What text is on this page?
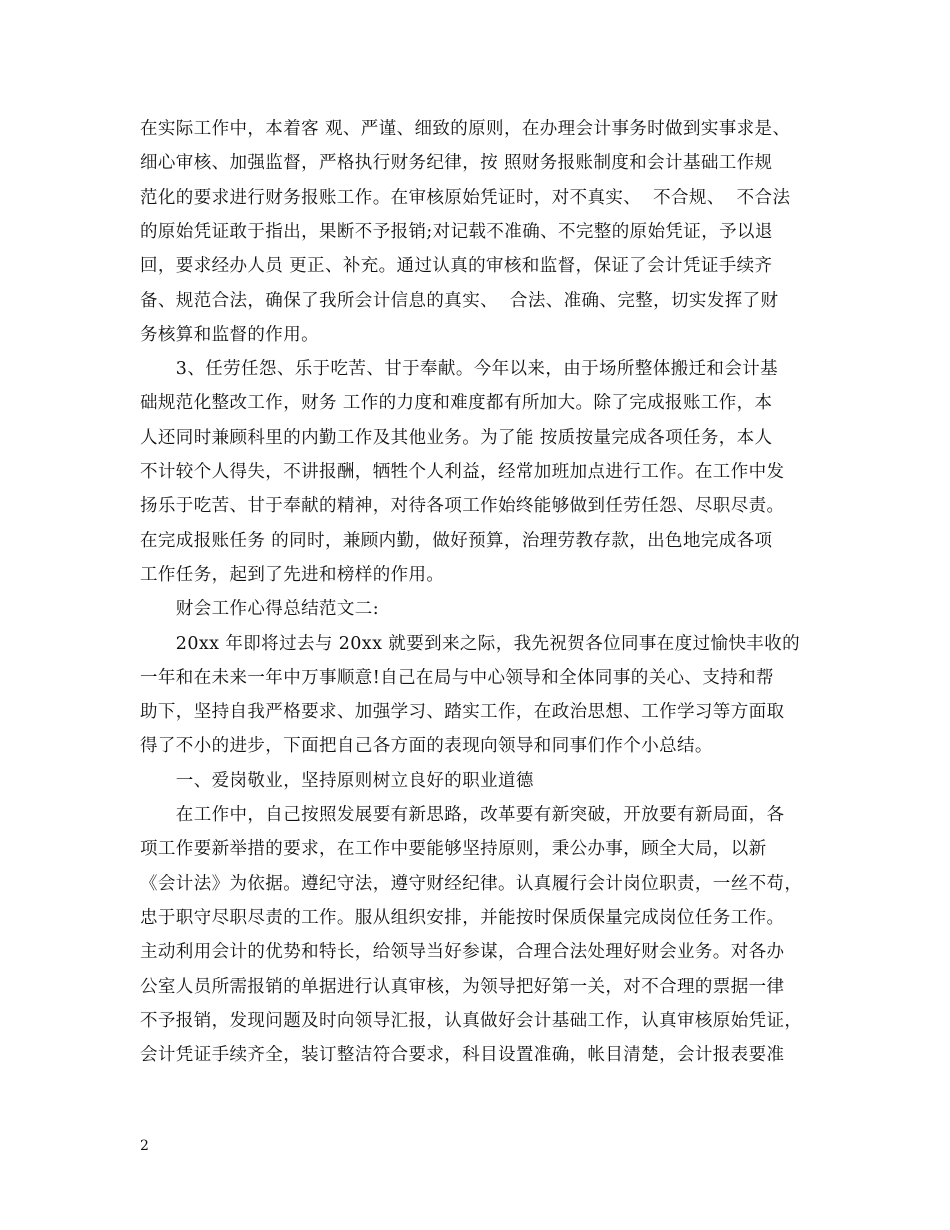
在实际工作中，本着客 观、严谨、细致的原则，在办理会计事务时做到实事求是、
细心审核、加强监督，严格执行财务纪律，按 照财务报账制度和会计基础工作规
范化的要求进行财务报账工作。在审核原始凭证时，对不真实、  不合规、  不合法
的原始凭证敢于指出，果断不予报销;对记载不准确、不完整的原始凭证，予以退
回，要求经办人员 更正、补充。通过认真的审核和监督，保证了会计凭证手续齐
备、规范合法，确保了我所会计信息的真实、  合法、准确、完整，切实发挥了财
务核算和监督的作用。
　　3、任劳任怨、乐于吃苦、甘于奉献。今年以来，由于场所整体搬迁和会计基
础规范化整改工作，财务 工作的力度和难度都有所加大。除了完成报账工作，本
人还同时兼顾科里的内勤工作及其他业务。为了能 按质按量完成各项任务，本人
不计较个人得失，不讲报酬，牺牲个人利益，经常加班加点进行工作。在工作中发
扬乐于吃苦、甘于奉献的精神，对待各项工作始终能够做到任劳任怨、尽职尽责。
在完成报账任务 的同时，兼顾内勤，做好预算，治理劳教存款，出色地完成各项
工作任务，起到了先进和榜样的作用。
　　财会工作心得总结范文二:
　　20xx 年即将过去与 20xx 就要到来之际，我先祝贺各位同事在度过愉快丰收的
一年和在未来一年中万事顺意!自己在局与中心领导和全体同事的关心、支持和帮
助下，坚持自我严格要求、加强学习、踏实工作，在政治思想、工作学习等方面取
得了不小的进步，下面把自己各方面的表现向领导和同事们作个小总结。
　　一、爱岗敬业，坚持原则树立良好的职业道德
　　在工作中，自己按照发展要有新思路，改革要有新突破，开放要有新局面，各
项工作要新举措的要求，在工作中要能够坚持原则，秉公办事，顾全大局，以新
《会计法》为依据。遵纪守法，遵守财经纪律。认真履行会计岗位职责，一丝不苟，
忠于职守尽职尽责的工作。服从组织安排，并能按时保质保量完成岗位任务工作。
主动利用会计的优势和特长，给领导当好参谋，合理合法处理好财会业务。对各办
公室人员所需报销的单据进行认真审核，为领导把好第一关，对不合理的票据一律
不予报销，发现问题及时向领导汇报，认真做好会计基础工作，认真审核原始凭证，
会计凭证手续齐全，装订整洁符合要求，科目设置准确，帐目清楚，会计报表要准
2
